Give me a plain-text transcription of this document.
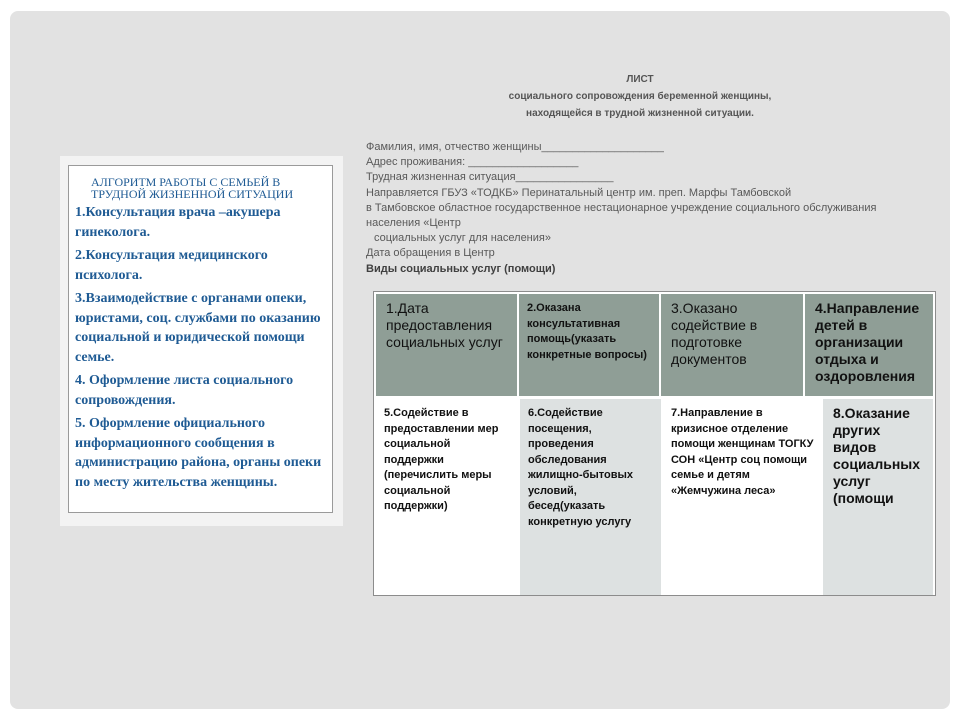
АЛГОРИТМ РАБОТЫ С СЕМЬЕЙ В ТРУДНОЙ ЖИЗНЕННОЙ СИТУАЦИИ
1.Консультация врача –акушера гинеколога.
2.Консультация медицинского психолога.
3.Взаимодействие с органами опеки, юристами, соц. службами по оказанию социальной и юридической помощи семье.
4. Оформление листа социального сопровождения.
5. Оформление официального информационного сообщения в администрацию района, органы опеки по месту жительства женщины.
ЛИСТ
социального сопровождения беременной женщины,
находящейся в трудной жизненной ситуации.
Фамилия, имя, отчество женщины____________________
Адрес проживания: __________________
Трудная жизненная ситуация________________
Направляется ГБУЗ «ТОДКБ» Перинатальный центр им. преп. Марфы Тамбовской
в Тамбовское областное государственное нестационарное учреждение социального обслуживания населения «Центр
социальных услуг для населения»
Дата обращения в Центр
Виды социальных услуг (помощи)
1.Дата предоставления социальных услуг
2.Оказана консультативная помощь(указать конкретные вопросы)
3.Оказано содействие в подготовке документов
4.Направление детей в организации отдыха и оздоровления
5.Содействие в предоставлении мер социальной поддержки (перечислить меры социальной поддержки)
6.Содействие посещения, проведения обследования жилищно-бытовых условий, бесед(указать конкретную услугу
7.Направление в кризисное отделение помощи женщинам ТОГКУ СОН «Центр соц помощи семье и детям «Жемчужина леса»
8.Оказание других видов социальных услуг (помощи
